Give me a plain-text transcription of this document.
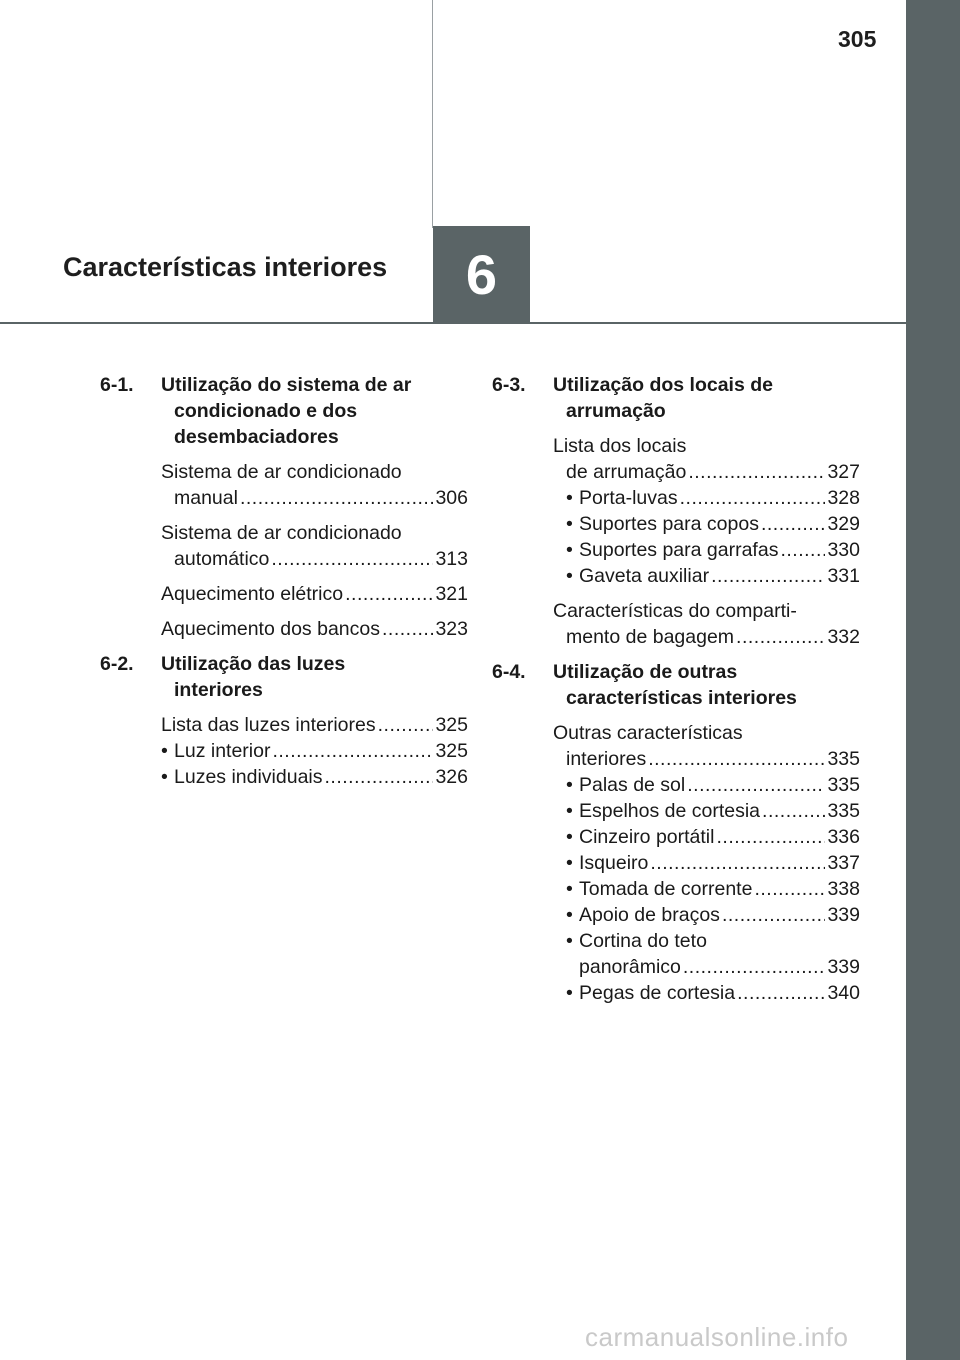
6
Características interiores
305
6-1. Utilização do sistema de ar
condicionado e dos
desembaciadores
Sistema de ar condicionado
manual .....	306
Sistema de ar condicionado
automático .....	313
Aquecimento elétrico .....	321
Aquecimento dos bancos .....	323
6-2. Utilização das luzes
interiores
Lista das luzes interiores .....	325
• Luz interior .....	325
• Luzes individuais .....	326
6-3. Utilização dos locais de
arrumação
Lista dos locais
de arrumação .....	327
• Porta-luvas .....	328
• Suportes para copos .....	329
• Suportes para garrafas .....	330
• Gaveta auxiliar .....	331
Características do comparti-
mento de bagagem .....	332
6-4. Utilização de outras
características interiores
Outras características
interiores .....	335
• Palas de sol .....	335
• Espelhos de cortesia .....	335
• Cinzeiro portátil .....	336
• Isqueiro .....	337
• Tomada de corrente .....	338
• Apoio de braços .....	339
• Cortina do teto
panorâmico .....	339
• Pegas de cortesia .....	340
carmanualsonline.info
